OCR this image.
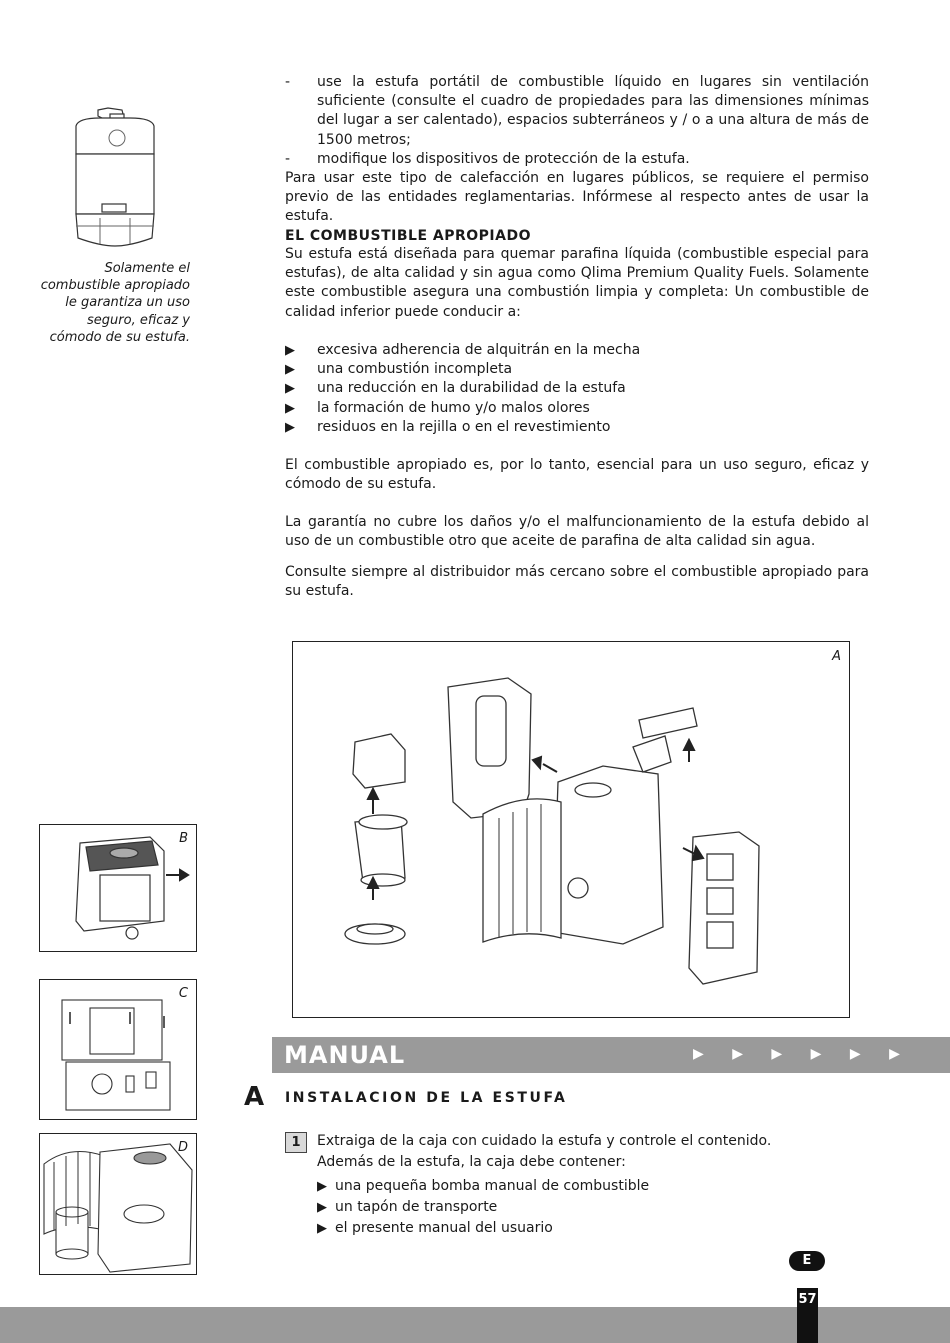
Solamente el combustible apropiado le garantiza un uso seguro, eficaz y cómodo de su estufa.
- use la estufa portátil de combustible líquido en lugares sin ventilación suficiente (consulte el cuadro de propiedades para las dimensiones mínimas del lugar a ser calentado), espacios subterráneos y / o a una altura de más de 1500 metros;
- modifique los dispositivos de protección de la estufa.
Para usar este tipo de calefacción en lugares públicos, se requiere el permiso previo de las entidades reglamentarias. Infórmese al respecto antes de usar la estufa.
EL COMBUSTIBLE APROPIADO
Su estufa está diseñada para quemar parafina líquida (combustible especial para estufas), de alta calidad y sin agua como Qlima Premium Quality Fuels. Solamente este combustible asegura una combustión limpia y completa: Un combustible de calidad inferior puede conducir a:
▶ excesiva adherencia de alquitrán en la mecha
▶ una combustión incompleta
▶ una reducción en la durabilidad de la estufa
▶ la formación de humo y/o malos olores
▶ residuos en la rejilla o en el revestimiento
El combustible apropiado es, por lo tanto, esencial para un uso seguro, eficaz y cómodo de su estufa.
La garantía no cubre los daños y/o el malfuncionamiento de la estufa debido al uso de un combustible otro que aceite de parafina de alta calidad sin agua.
Consulte siempre al distribuidor más cercano sobre el combustible apropiado para su estufa.
A
B
C
D
MANUAL	▶ ▶ ▶ ▶ ▶ ▶
A INSTALACION DE LA ESTUFA
1	Extraiga de la caja con cuidado la estufa y controle el contenido.
Además de la estufa, la caja debe contener:
▶ una pequeña bomba manual de combustible
▶ un tapón de transporte
▶ el presente manual del usuario
E
57
